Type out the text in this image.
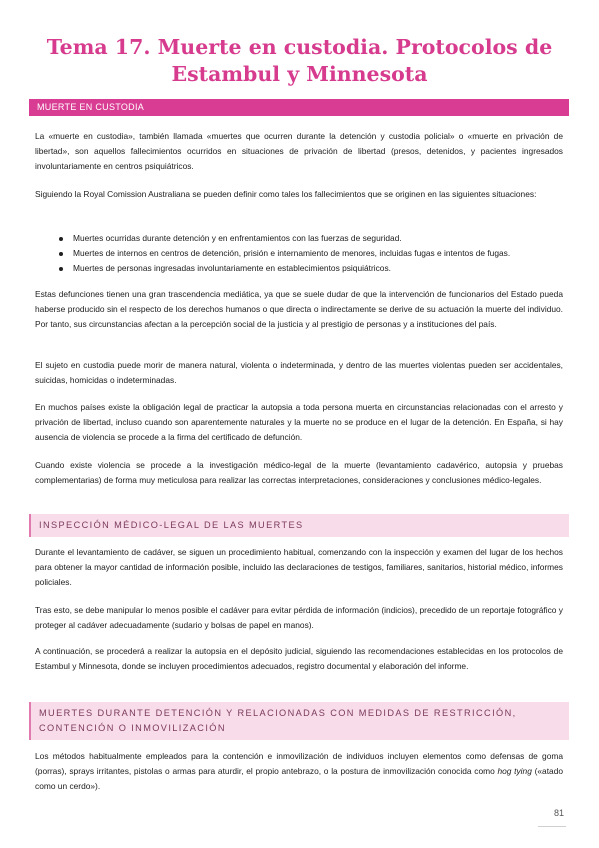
Tema 17. Muerte en custodia. Protocolos de
Estambul y Minnesota
MUERTE EN CUSTODIA

La «muerte en custodia», también llamada «muertes que ocurren durante la detención y custodia policial» o «muerte en privación de libertad», son aquellos fallecimientos ocurridos en situaciones de privación de libertad (presos, detenidos, y pacientes ingresados involuntariamente en centros psiquiátricos.

Siguiendo la Royal Comission Australiana se pueden definir como tales los fallecimientos que se originen en las siguientes situaciones:

Muertes ocurridas durante detención y en enfrentamientos con las fuerzas de seguridad.
Muertes de internos en centros de detención, prisión e internamiento de menores, incluidas fugas e intentos de fugas.
Muertes de personas ingresadas involuntariamente en establecimientos psiquiátricos.

Estas defunciones tienen una gran trascendencia mediática, ya que se suele dudar de que la intervención de funcionarios del Estado pueda haberse producido sin el respecto de los derechos humanos o que directa o indirectamente se derive de su actuación la muerte del individuo. Por tanto, sus circunstancias afectan a la percepción social de la justicia y al prestigio de personas y a instituciones del país.

El sujeto en custodia puede morir de manera natural, violenta o indeterminada, y dentro de las muertes violentas pueden ser accidentales, suicidas, homicidas o indeterminadas.

En muchos países existe la obligación legal de practicar la autopsia a toda persona muerta en circunstancias relacionadas con el arresto y privación de libertad, incluso cuando son aparentemente naturales y la muerte no se produce en el lugar de la detención. En España, si hay ausencia de violencia se procede a la firma del certificado de defunción.

Cuando existe violencia se procede a la investigación médico-legal de la muerte (levantamiento cadavérico, autopsia y pruebas complementarias) de forma muy meticulosa para realizar las correctas interpretaciones, consideraciones y conclusiones médico-legales.

INSPECCIÓN MÉDICO-LEGAL DE LAS MUERTES

Durante el levantamiento de cadáver, se siguen un procedimiento habitual, comenzando con la inspección y examen del lugar de los hechos para obtener la mayor cantidad de información posible, incluido las declaraciones de testigos, familiares, sanitarios, historial médico, informes policiales.

Tras esto, se debe manipular lo menos posible el cadáver para evitar pérdida de información (indicios), precedido de un reportaje fotográfico y proteger al cadáver adecuadamente (sudario y bolsas de papel en manos).

A continuación, se procederá a realizar la autopsia en el depósito judicial, siguiendo las recomendaciones establecidas en los protocolos de Estambul y Minnesota, donde se incluyen procedimientos adecuados, registro documental y elaboración del informe.

MUERTES DURANTE DETENCIÓN Y RELACIONADAS CON MEDIDAS DE RESTRICCIÓN, CONTENCIÓN O INMOVILIZACIÓN

Los métodos habitualmente empleados para la contención e inmovilización de individuos incluyen elementos como defensas de goma (porras), sprays irritantes, pistolas o armas para aturdir, el propio antebrazo, o la postura de inmovilización conocida como hog tying («atado como un cerdo»).

81
